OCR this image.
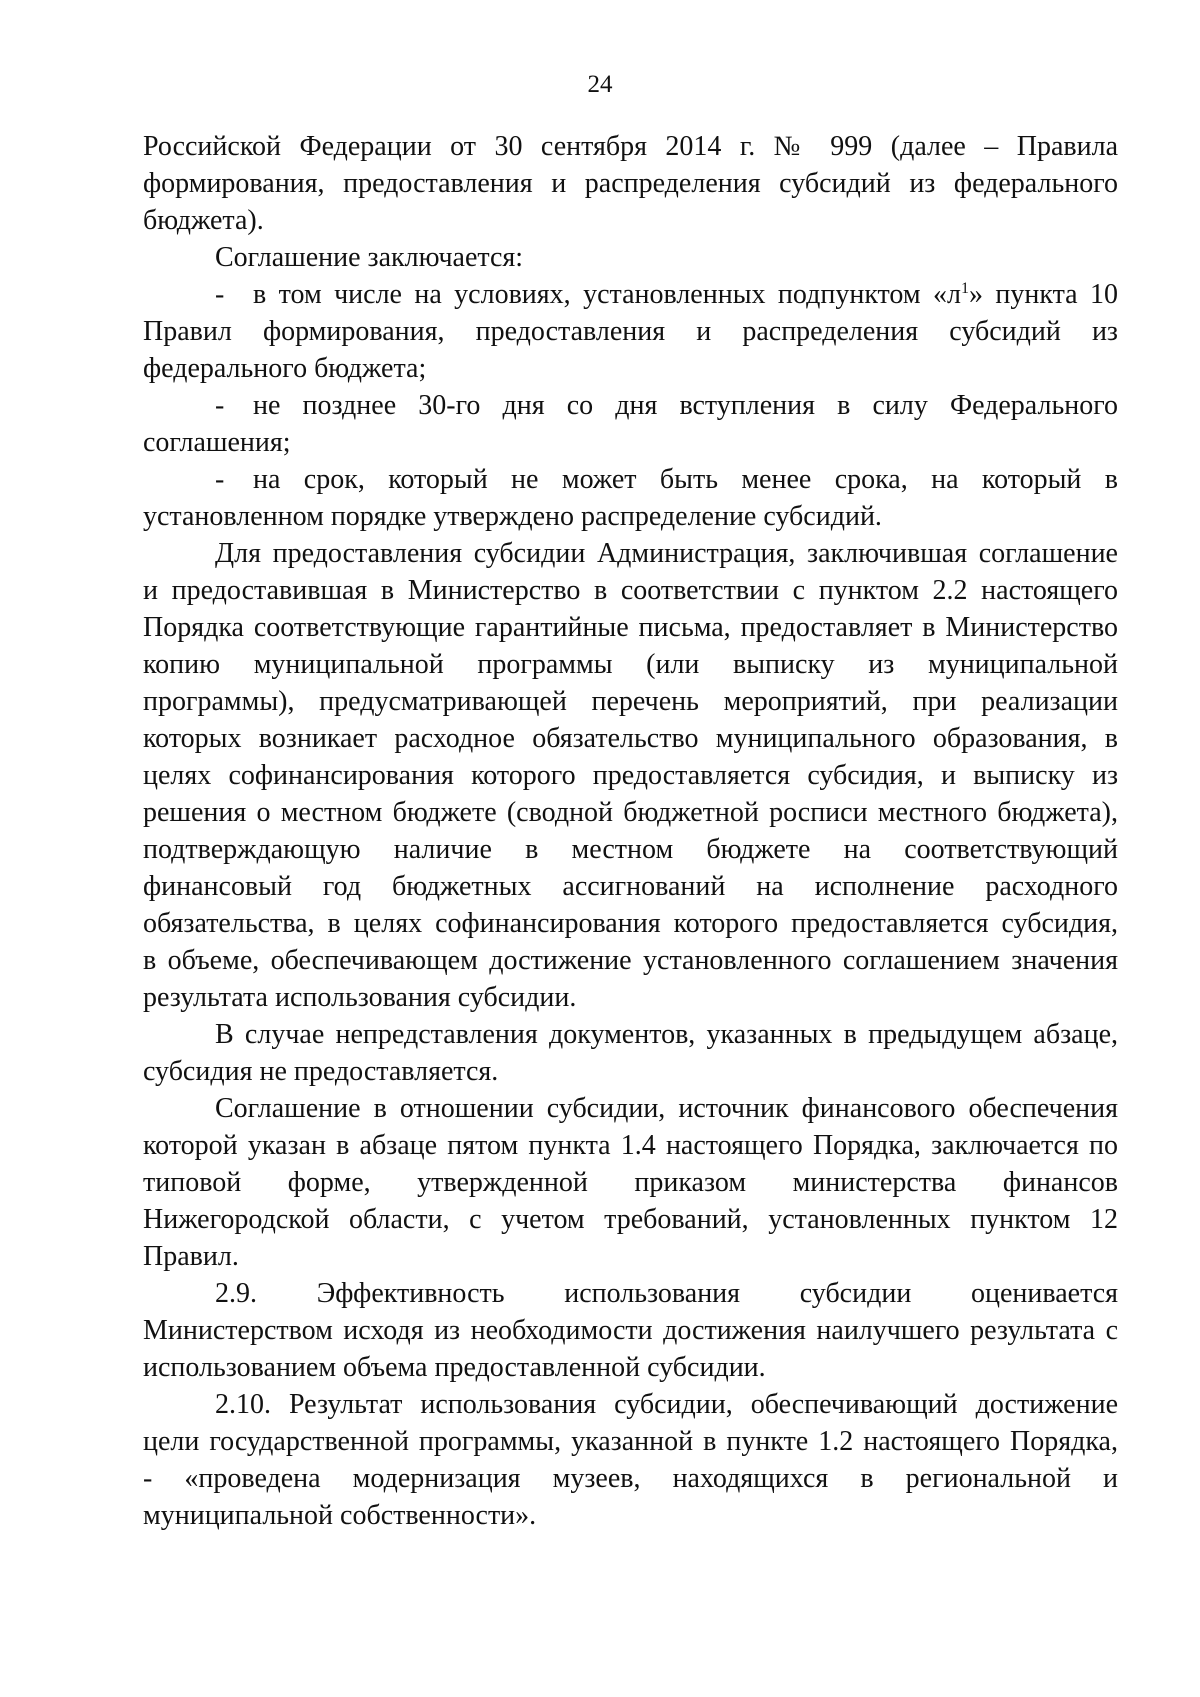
24
Российской Федерации от 30 сентября 2014 г. № 999 (далее – Правила
формирования, предоставления и распределения субсидий из федерального
бюджета).
Соглашение заключается:
- в том числе на условиях, установленных подпунктом «$л^1$» пункта 10
Правил формирования, предоставления и распределения субсидий из
федерального бюджета;
- не позднее 30-го дня со дня вступления в силу Федерального
соглашения;
- на срок, который не может быть менее срока, на который в
установленном порядке утверждено распределение субсидий.
Для предоставления субсидии Администрация, заключившая соглашение
и предоставившая в Министерство в соответствии с пунктом 2.2 настоящего
Порядка соответствующие гарантийные письма, предоставляет в Министерство
копию муниципальной программы (или выписку из муниципальной
программы), предусматривающей перечень мероприятий, при реализации
которых возникает расходное обязательство муниципального образования, в
целях софинансирования которого предоставляется субсидия, и выписку из
решения о местном бюджете (сводной бюджетной росписи местного бюджета),
подтверждающую наличие в местном бюджете на соответствующий
финансовый год бюджетных ассигнований на исполнение расходного
обязательства, в целях софинансирования которого предоставляется субсидия,
в объеме, обеспечивающем достижение установленного соглашением значения
результата использования субсидии.
В случае непредставления документов, указанных в предыдущем абзаце,
субсидия не предоставляется.
Соглашение в отношении субсидии, источник финансового обеспечения
которой указан в абзаце пятом пункта 1.4 настоящего Порядка, заключается по
типовой форме, утвержденной приказом министерства финансов
Нижегородской области, с учетом требований, установленных пунктом 12
Правил.
2.9. Эффективность использования субсидии оценивается
Министерством исходя из необходимости достижения наилучшего результата с
использованием объема предоставленной субсидии.
2.10. Результат использования субсидии, обеспечивающий достижение
цели государственной программы, указанной в пункте 1.2 настоящего Порядка,
- «проведена модернизация музеев, находящихся в региональной и
муниципальной собственности».
